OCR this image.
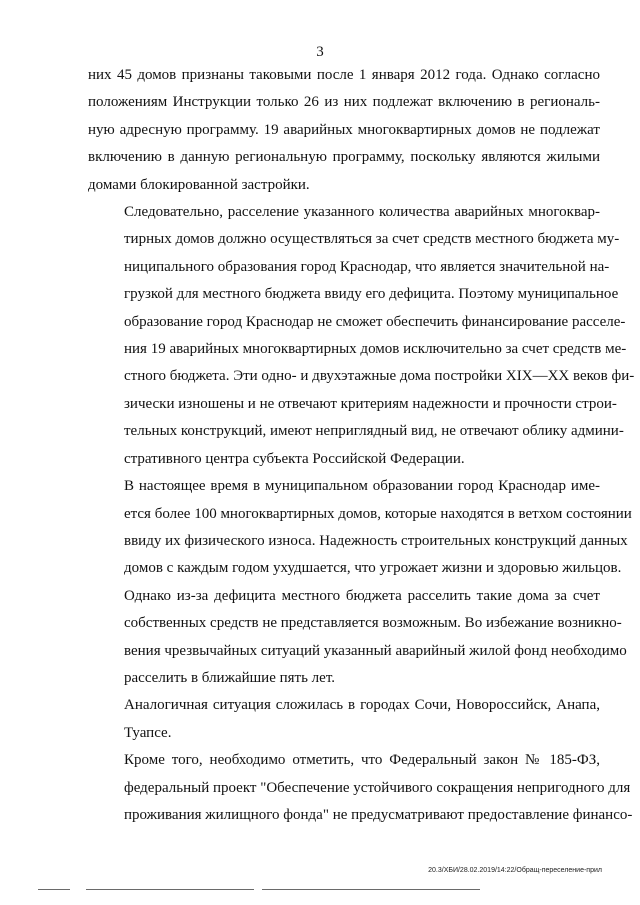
3

них 45 домов признаны таковыми после 1 января 2012 года. Однако согласно
положениям Инструкции только 26 из них подлежат включению в региональ-
ную адресную программу. 19 аварийных многоквартирных домов не подлежат
включению в данную региональную программу, поскольку являются жилыми
домами блокированной застройки.

Следовательно, расселение указанного количества аварийных многоквар-
тирных домов должно осуществляться за счет средств местного бюджета му-
ниципального образования город Краснодар, что является значительной на-
грузкой для местного бюджета ввиду его дефицита. Поэтому муниципальное
образование город Краснодар не сможет обеспечить финансирование расселе-
ния 19 аварийных многоквартирных домов исключительно за счет средств ме-
стного бюджета. Эти одно- и двухэтажные дома постройки XIX—XX веков фи-
зически изношены и не отвечают критериям надежности и прочности строи-
тельных конструкций, имеют неприглядный вид, не отвечают облику админи-
стративного центра субъекта Российской Федерации.

В настоящее время в муниципальном образовании город Краснодар име-
ется более 100 многоквартирных домов, которые находятся в ветхом состоянии
ввиду их физического износа. Надежность строительных конструкций данных
домов с каждым годом ухудшается, что угрожает жизни и здоровью жильцов.

Однако из-за дефицита местного бюджета расселить такие дома за счет
собственных средств не представляется возможным. Во избежание возникно-
вения чрезвычайных ситуаций указанный аварийный жилой фонд необходимо
расселить в ближайшие пять лет.

Аналогичная ситуация сложилась в городах Сочи, Новороссийск, Анапа,
Туапсе.

Кроме того, необходимо отметить, что Федеральный закон № 185-ФЗ,
федеральный проект "Обеспечение устойчивого сокращения непригодного для
проживания жилищного фонда" не предусматривают предоставление финансо-

20.3/ХБИ/28.02.2019/14:22/Обращ-переселение-прил
